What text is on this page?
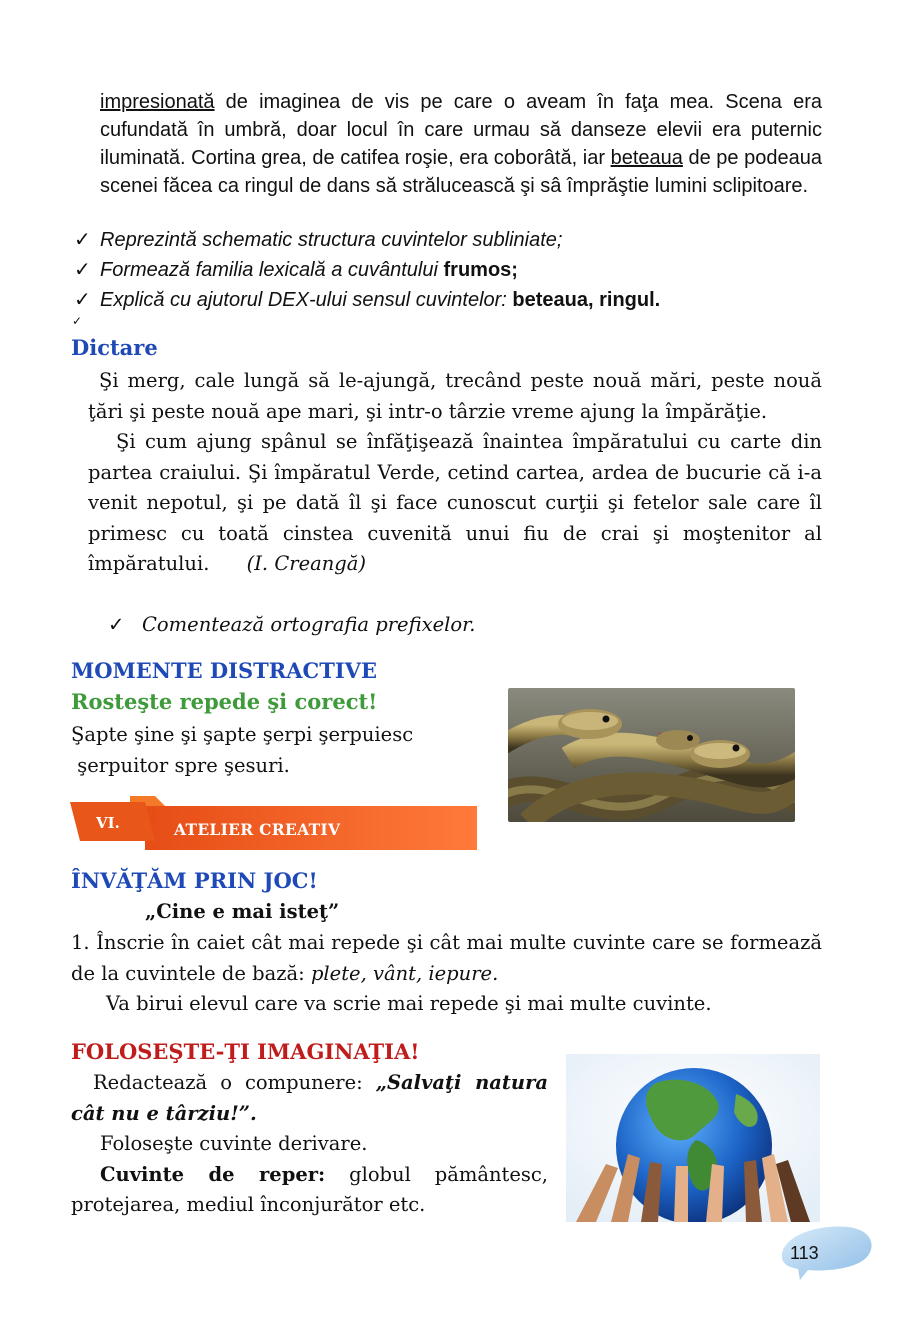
impresionată de imaginea de vis pe care o aveam în faţa mea. Scena era cufundată în umbră, doar locul în care urmau să danseze elevii era puternic iluminată. Cortina grea, de catifea roşie, era coborâtă, iar beteaua de pe podeaua scenei făcea ca ringul de dans să strălucească şi sâ împrăştie lumini sclipitoare.

✓ Reprezintă schematic structura cuvintelor subliniate;
✓ Formează familia lexicală a cuvântului frumos;
✓ Explică cu ajutorul DEX-ului sensul cuvintelor: beteaua, ringul.
✓
Dictare

Şi merg, cale lungă să le-ajungă, trecând peste nouă mări, peste nouă ţări şi peste nouă ape mari, şi intr-o târzie vreme ajung la împărăţie.

Şi cum ajung spânul se înfăţişează înaintea împăratului cu carte din partea craiului. Şi împăratul Verde, cetind cartea, ardea de bucurie că i-a venit nepotul, şi pe dată îl şi face cunoscut curţii şi fetelor sale care îl primesc cu toată cinstea cuvenită unui fiu de crai şi moştenitor al împăratului. (I. Creangă)

✓ Comentează ortografia prefixelor.
MOMENTE DISTRACTIVE
Rosteşte repede şi corect!

Şapte şine şi şapte şerpi şerpuiesc

şerpuitor spre şesuri.

VI.	ATELIER CREATIV
ÎNVĂŢĂM PRIN JOC!
„Cine e mai isteţ”

1. Înscrie în caiet cât mai repede şi cât mai multe cuvinte care se formează de la cuvintele de bază: plete, vânt, iepure.

Va birui elevul care va scrie mai repede şi mai multe cuvinte.

FOLOSEŞTE-ŢI IMAGINAŢIA!

Redactează o compunere: „Salvaţi natura cât nu e târziu!”.

Foloseşte cuvinte derivare.

Cuvinte de reper: globul pământesc, protejarea, mediul înconjurător etc.

113
